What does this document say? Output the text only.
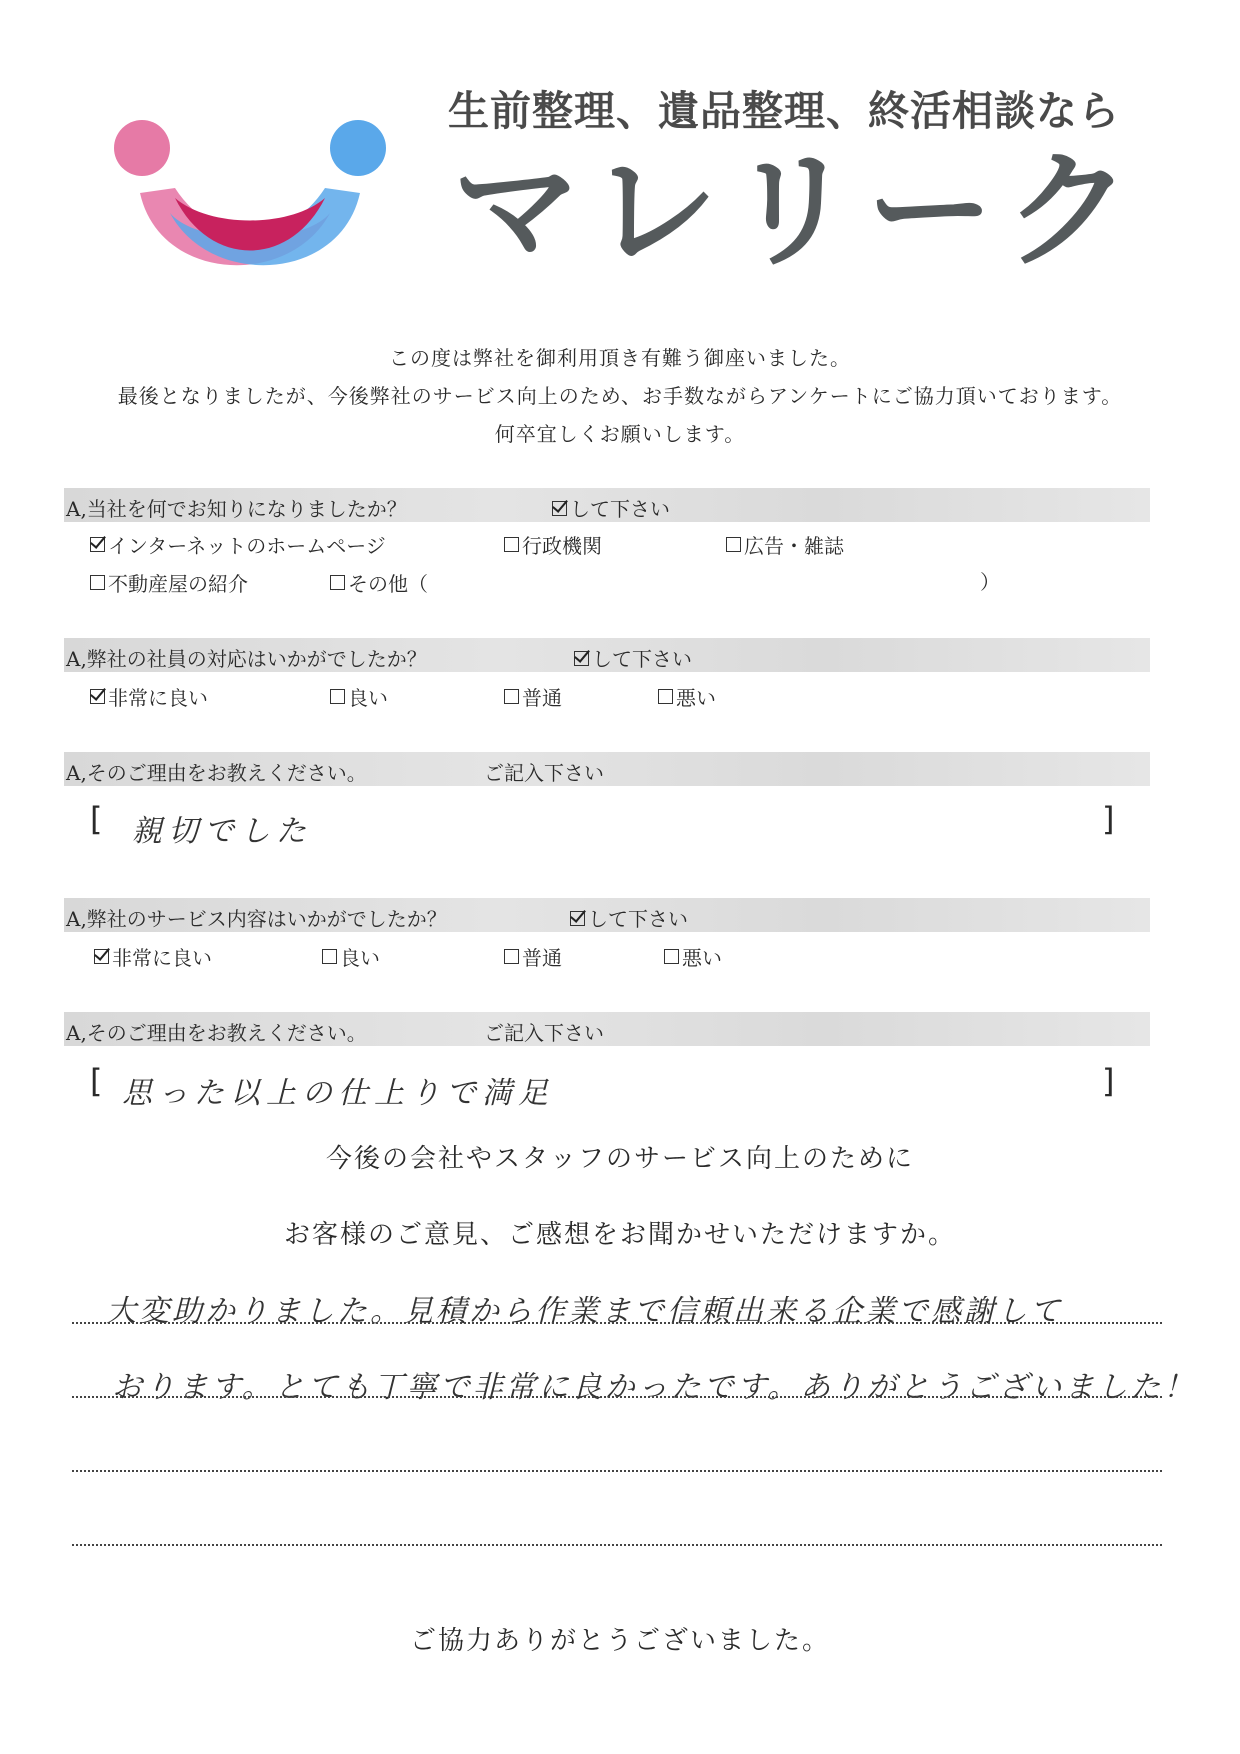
生前整理、遺品整理、終活相談なら
マレリーク
この度は弊社を御利用頂き有難う御座いました。
最後となりましたが、今後弊社のサービス向上のため、お手数ながらアンケートにご協力頂いております。
何卒宜しくお願いします。
A,当社を何でお知りになりましたか？	して下さい
インターネットのホームページ	行政機関	広告・雑誌
不動産屋の紹介	その他（	）
A,弊社の社員の対応はいかがでしたか？	して下さい
非常に良い	良い	普通	悪い
A,そのご理由をお教えください。	ご記入下さい
[ 親切でした	]
A,弊社のサービス内容はいかがでしたか？	して下さい
非常に良い	良い	普通	悪い
A,そのご理由をお教えください。	ご記入下さい
[ 思った以上の仕上りで満足	]
今後の会社やスタッフのサービス向上のために
お客様のご意見、ご感想をお聞かせいただけますか。
大変助かりました。見積から作業まで信頼出来る企業で感謝して
おります。とても丁寧で非常に良かったです。ありがとうございました！
ご協力ありがとうございました。
